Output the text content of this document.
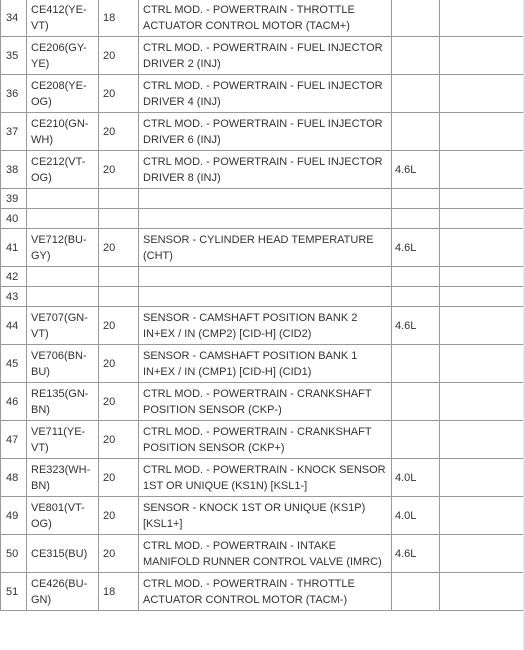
34	CE412(YE-VT)	18	CTRL MOD. - POWERTRAIN - THROTTLE ACTUATOR CONTROL MOTOR (TACM+)		
35	CE206(GY-YE)	20	CTRL MOD. - POWERTRAIN - FUEL INJECTOR DRIVER 2 (INJ)		
36	CE208(YE-OG)	20	CTRL MOD. - POWERTRAIN - FUEL INJECTOR DRIVER 4 (INJ)		
37	CE210(GN-WH)	20	CTRL MOD. - POWERTRAIN - FUEL INJECTOR DRIVER 6 (INJ)		
38	CE212(VT-OG)	20	CTRL MOD. - POWERTRAIN - FUEL INJECTOR DRIVER 8 (INJ)	4.6L	
39					
40					
41	VE712(BU-GY)	20	SENSOR - CYLINDER HEAD TEMPERATURE (CHT)	4.6L	
42					
43					
44	VE707(GN-VT)	20	SENSOR - CAMSHAFT POSITION BANK 2 IN+EX / IN (CMP2) [CID-H] (CID2)	4.6L	
45	VE706(BN-BU)	20	SENSOR - CAMSHAFT POSITION BANK 1 IN+EX / IN (CMP1) [CID-H] (CID1)		
46	RE135(GN-BN)	20	CTRL MOD. - POWERTRAIN - CRANKSHAFT POSITION SENSOR (CKP-)		
47	VE711(YE-VT)	20	CTRL MOD. - POWERTRAIN - CRANKSHAFT POSITION SENSOR (CKP+)		
48	RE323(WH-BN)	20	CTRL MOD. - POWERTRAIN - KNOCK SENSOR 1ST OR UNIQUE (KS1N) [KSL1-]	4.0L	
49	VE801(VT-OG)	20	SENSOR - KNOCK 1ST OR UNIQUE (KS1P) [KSL1+]	4.0L	
50	CE315(BU)	20	CTRL MOD. - POWERTRAIN - INTAKE MANIFOLD RUNNER CONTROL VALVE (IMRC)	4.6L	
51	CE426(BU-GN)	18	CTRL MOD. - POWERTRAIN - THROTTLE ACTUATOR CONTROL MOTOR (TACM-)		
